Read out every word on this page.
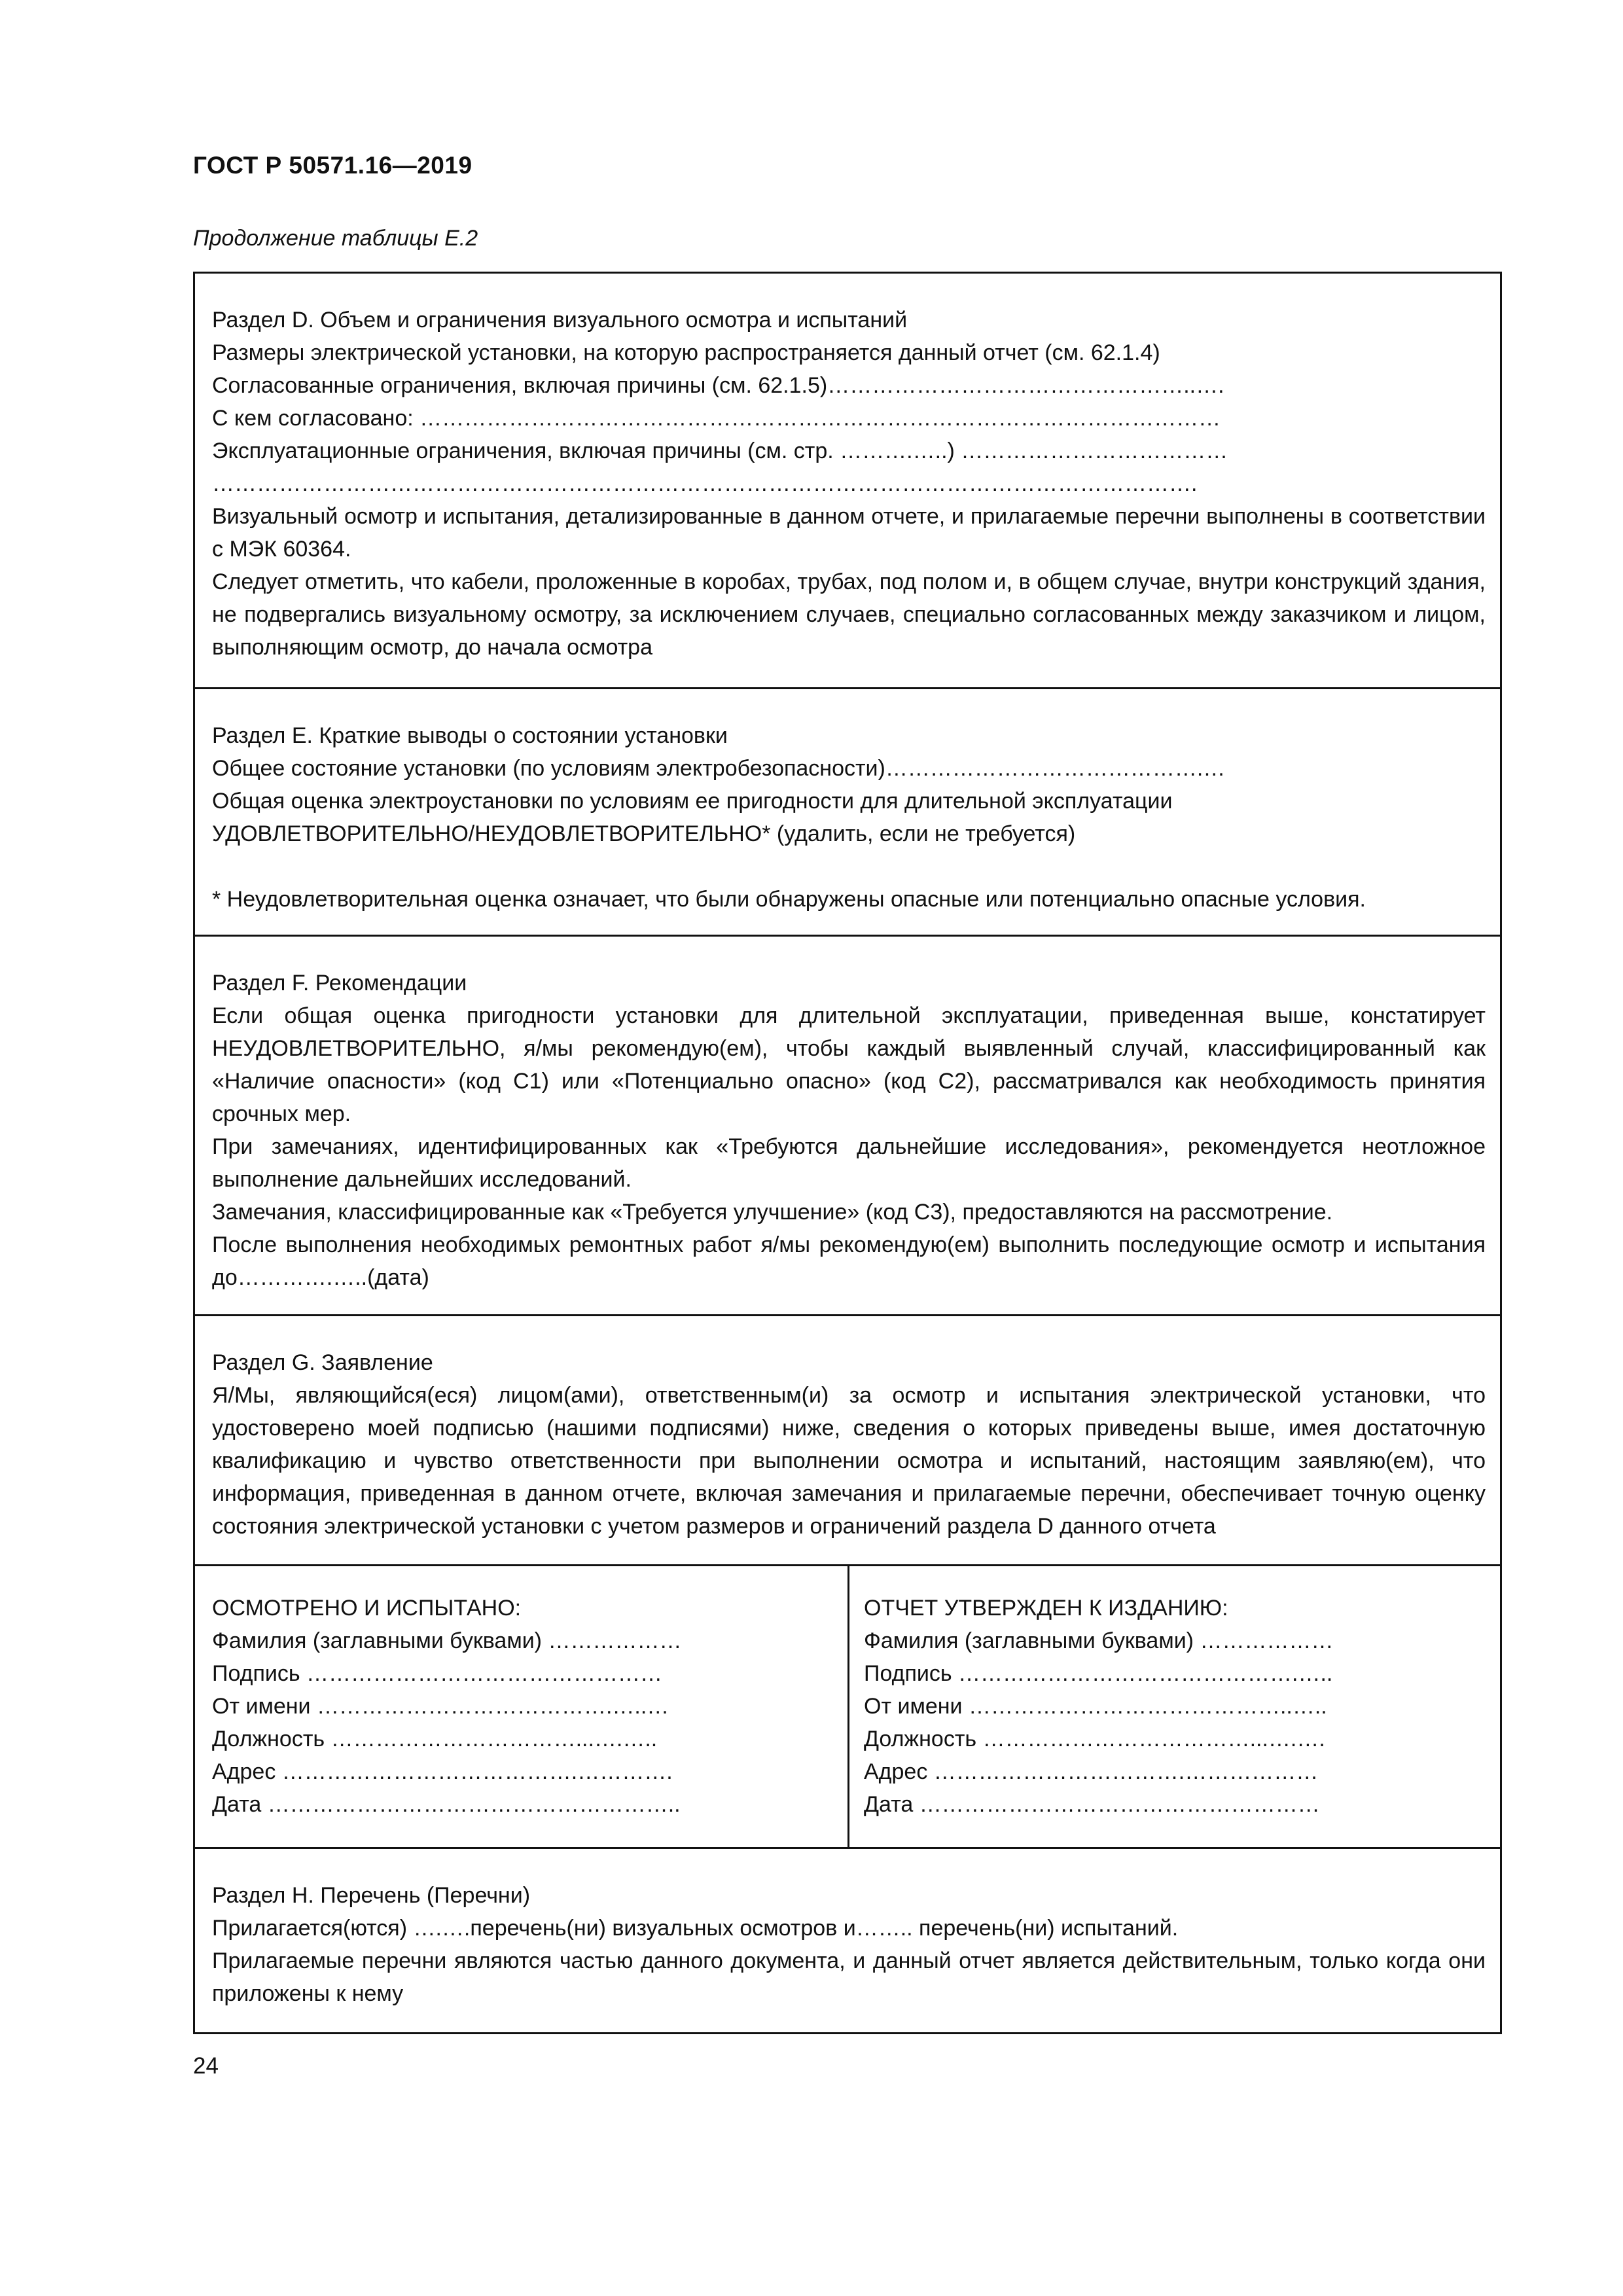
ГОСТ Р 50571.16—2019
Продолжение таблицы Е.2

Раздел D. Объем и ограничения визуального осмотра и испытаний

Размеры электрической установки, на которую распространяется данный отчет (см. 62.1.4)

Согласованные ограничения, включая причины (см. 62.1.5)…………………………………………..….

С кем согласовано: ………………………………………………………………………………………………

Эксплуатационные ограничения, включая причины (см. стр. ……….…..) ………………………………

…………………………………………………………………………………………………………………….

Визуальный осмотр и испытания, детализированные в данном отчете, и прилагаемые перечни выполнены в соответствии с МЭК 60364.

Следует отметить, что кабели, проложенные в коробах, трубах, под полом и, в общем случае, внутри конструкций здания, не подвергались визуальному осмотру, за исключением случаев, специально согласованных между заказчиком и лицом, выполняющим осмотр, до начала осмотра

Раздел Е. Краткие выводы о состоянии установки

Общее состояние установки (по условиям электробезопасности)…………………………………….…

Общая оценка электроустановки по условиям ее пригодности для длительной эксплуатации

УДОВЛЕТВОРИТЕЛЬНО/НЕУДОВЛЕТВОРИТЕЛЬНО* (удалить, если не требуется)

* Неудовлетворительная оценка означает, что были обнаружены опасные или потенциально опасные условия.

Раздел F. Рекомендации

Если общая оценка пригодности установки для длительной эксплуатации, приведенная выше, констатирует НЕУДОВЛЕТВОРИТЕЛЬНО, я/мы рекомендую(ем), чтобы каждый выявленный случай, классифицированный как «Наличие опасности» (код С1) или «Потенциально опасно» (код С2), рассматривался как необходимость принятия срочных мер.

При замечаниях, идентифицированных как «Требуются дальнейшие исследования», рекомендуется неотложное выполнение дальнейших исследований.

Замечания, классифицированные как «Требуется улучшение» (код С3), предоставляются на рассмотрение.

После выполнения необходимых ремонтных работ я/мы рекомендую(ем) выполнить последующие осмотр и испытания до………….…..(дата)

Раздел G. Заявление

Я/Мы, являющийся(еся) лицом(ами), ответственным(и) за осмотр и испытания электрической установки, что удостоверено моей подписью (нашими подписями) ниже, сведения о которых приведены выше, имея достаточную квалификацию и чувство ответственности при выполнении осмотра и испытаний, настоящим заявляю(ем), что информация, приведенная в данном отчете, включая замечания и прилагаемые перечни, обеспечивает точную оценку состояния электрической установки с учетом размеров и ограничений раздела D данного отчета

ОСМОТРЕНО И ИСПЫТАНО:

Фамилия (заглавными буквами) ………………

Подпись …………………………………………

От имени ………………………………….…..…

Должность ……………………………...….…..

Адрес ………………………………….………….

Дата ………………………………………………..

ОТЧЕТ УТВЕРЖДЕН К ИЗДАНИЮ:

Фамилия (заглавными буквами) ………………

Подпись ……………………………………….…..

От имени ……………………………………..…..

Должность ………………………………...….….

Адрес …………………………….………………

Дата ………………………………………………

Раздел Н. Перечень (Перечни)

Прилагается(ются) ….….перечень(ни) визуальных осмотров и…….. перечень(ни) испытаний.

Прилагаемые перечни являются частью данного документа, и данный отчет является действительным, только когда они приложены к нему

24
